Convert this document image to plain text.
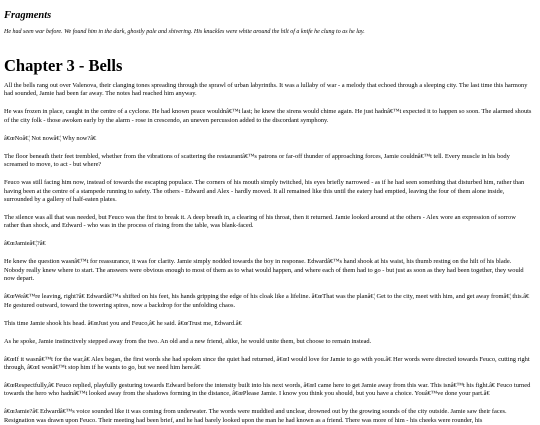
Fragments

He had seen war before. We found him in the dark, ghostly pale and shivering. His knuckles were white around the hilt of a knife he clung to as he lay.

Chapter 3 - Bells

All the bells rang out over Valenova, their clanging tones spreading through the sprawl of urban labyrinths. It was a lullaby of war - a melody that echoed through a sleeping city. The last time this harmony had sounded, Jamie had been far away. The notes had reached him anyway.

He was frozen in place, caught in the centre of a cyclone. He had known peace wouldnâ€™t last; he knew the sirens would chime again. He just hadnâ€™t expected it to happen so soon. The alarmed shouts of the city folk - those awoken early by the alarm - rose in crescendo, an uneven percussion added to the discordant symphony.

â€œNoâ€¦ Not nowâ€¦ Why now?â€

The floor beneath their feet trembled, whether from the vibrations of scattering the restaurantâ€™s patrons or far-off thunder of approaching forces, Jamie couldnâ€™t tell. Every muscle in his body screamed to move, to act - but where?

Feuco was still facing him now, instead of towards the escaping populace. The corners of his mouth simply twitched, his eyes briefly narrowed - as if he had seen something that disturbed him, rather than having been at the centre of a stampede running to safety. The others - Edward and Alex - hardly moved. It all remained like this until the eatery had emptied, leaving the four of them alone inside, surrounded by a gallery of half-eaten plates.

The silence was all that was needed, but Feuco was the first to break it. A deep breath in, a clearing of his throat, then it returned. Jamie looked around at the others - Alex wore an expression of sorrow rather than shock, and Edward - who was in the process of rising from the table, was blank-faced.

â€œJamieâ€¦?â€

He knew the question wasnâ€™t for reassurance, it was for clarity. Jamie simply nodded towards the boy in response. Edwardâ€™s hand shook at his waist, his thumb resting on the hilt of his blade. Nobody really knew where to start. The answers were obvious enough to most of them as to what would happen, and where each of them had to go - but just as soon as they had been together, they would now depart.

â€œWeâ€™re leaving, right?â€ Edwardâ€™s shifted on his feet, his hands gripping the edge of his cloak like a lifeline. â€œThat was the planâ€¦ Get to the city, meet with him, and get away fromâ€¦ this.â€ He gestured outward, toward the towering spires, now a backdrop for the unfolding chaos.

This time Jamie shook his head. â€œJust you and Feuco,â€ he said. â€œTrust me, Edward.â€

As he spoke, Jamie instinctively stepped away from the two. An old and a new friend, alike, he would unite them, but choose to remain instead.

â€œIf it wasnâ€™t for the war,â€ Alex began, the first words she had spoken since the quiet had returned, â€œI would love for Jamie to go with you.â€ Her words were directed towards Feuco, cutting right through, â€œI wonâ€™t stop him if he wants to go, but we need him here.â€

â€œRespectfully,â€ Feuco replied, playfully gesturing towards Edward before the intensity built into his next words, â€œI came here to get Jamie away from this war. This isnâ€™t his fight.â€ Feuco turned towards the hero who hadnâ€™t looked away from the shadows forming in the distance, â€œPlease Jamie. I know you think you should, but you have a choice. Youâ€™ve done your part.â€

â€œJamie?â€ Edwardâ€™s voice sounded like it was coming from underwater. The words were muddied and unclear, drowned out by the growing sounds of the city outside. Jamie saw their faces. Resignation was drawn upon Feuco. Their meeting had been brief, and he had barely looked upon the man he had known as a friend. There was more of him - his cheeks were rounder, his
